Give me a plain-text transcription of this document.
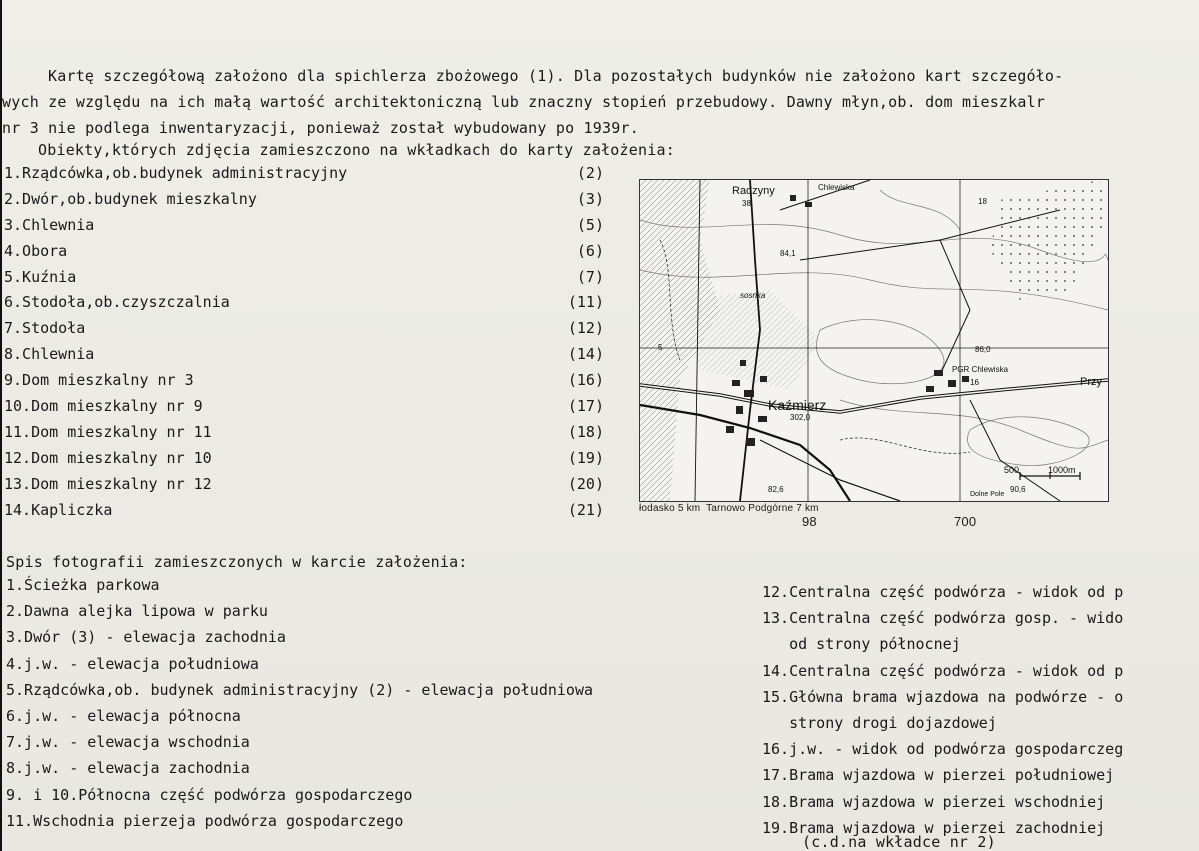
Kartę szczegółową założono dla spichlerza zbożowego (1). Dla pozostałych budynków nie założono kart szczegóło-

wych ze względu na ich małą wartość architektoniczną lub znaczny stopień przebudowy. Dawny młyn,ob. dom mieszkalr

nr 3 nie podlega inwentaryzacji, ponieważ został wybudowany po 1939r.

Obiekty,których zdjęcia zamieszczono na wkładkach do karty założenia:
1.Rządcówka,ob.budynek administracyjny	(2)
2.Dwór,ob.budynek mieszkalny	(3)
3.Chlewnia	(5)
4.Obora	(6)
5.Kuźnia	(7)
6.Stodoła,ob.czyszczalnia	(11)
7.Stodoła	(12)
8.Chlewnia	(14)
9.Dom mieszkalny nr 3	(16)
10.Dom mieszkalny nr 9	(17)
11.Dom mieszkalny nr 11	(18)
12.Dom mieszkalny nr 10	(19)
13.Dom mieszkalny nr 12	(20)
14.Kapliczka	(21)
Radzyny	Chlewiska
Kaźmierz
PGR Chlewiska
Przy
sosnka
Dolne Pole
500	1000m
302,0
86,0
16
38
84,1
90,6
82,6
5
18
łodasko 5 km  Tarnowo Podgórne 7 km
98	700
Spis fotografii zamieszczonych w karcie założenia:
1.Ścieżka parkowa
2.Dawna alejka lipowa w parku
3.Dwór (3) - elewacja zachodnia
4.j.w. - elewacja południowa
5.Rządcówka,ob. budynek administracyjny (2) - elewacja południowa
6.j.w. - elewacja północna
7.j.w. - elewacja wschodnia
8.j.w. - elewacja zachodnia
9. i 10.Północna część podwórza gospodarczego
11.Wschodnia pierzeja podwórza gospodarczego
12.Centralna część podwórza - widok od p
13.Centralna część podwórza gosp. - wido
od strony północnej
14.Centralna część podwórza - widok od p
15.Główna brama wjazdowa na podwórze - o
strony drogi dojazdowej
16.j.w. - widok od podwórza gospodarczeg
17.Brama wjazdowa w pierzei południowej
18.Brama wjazdowa w pierzei wschodniej
19.Brama wjazdowa w pierzei zachodniej
(c.d.na wkładce nr 2)
